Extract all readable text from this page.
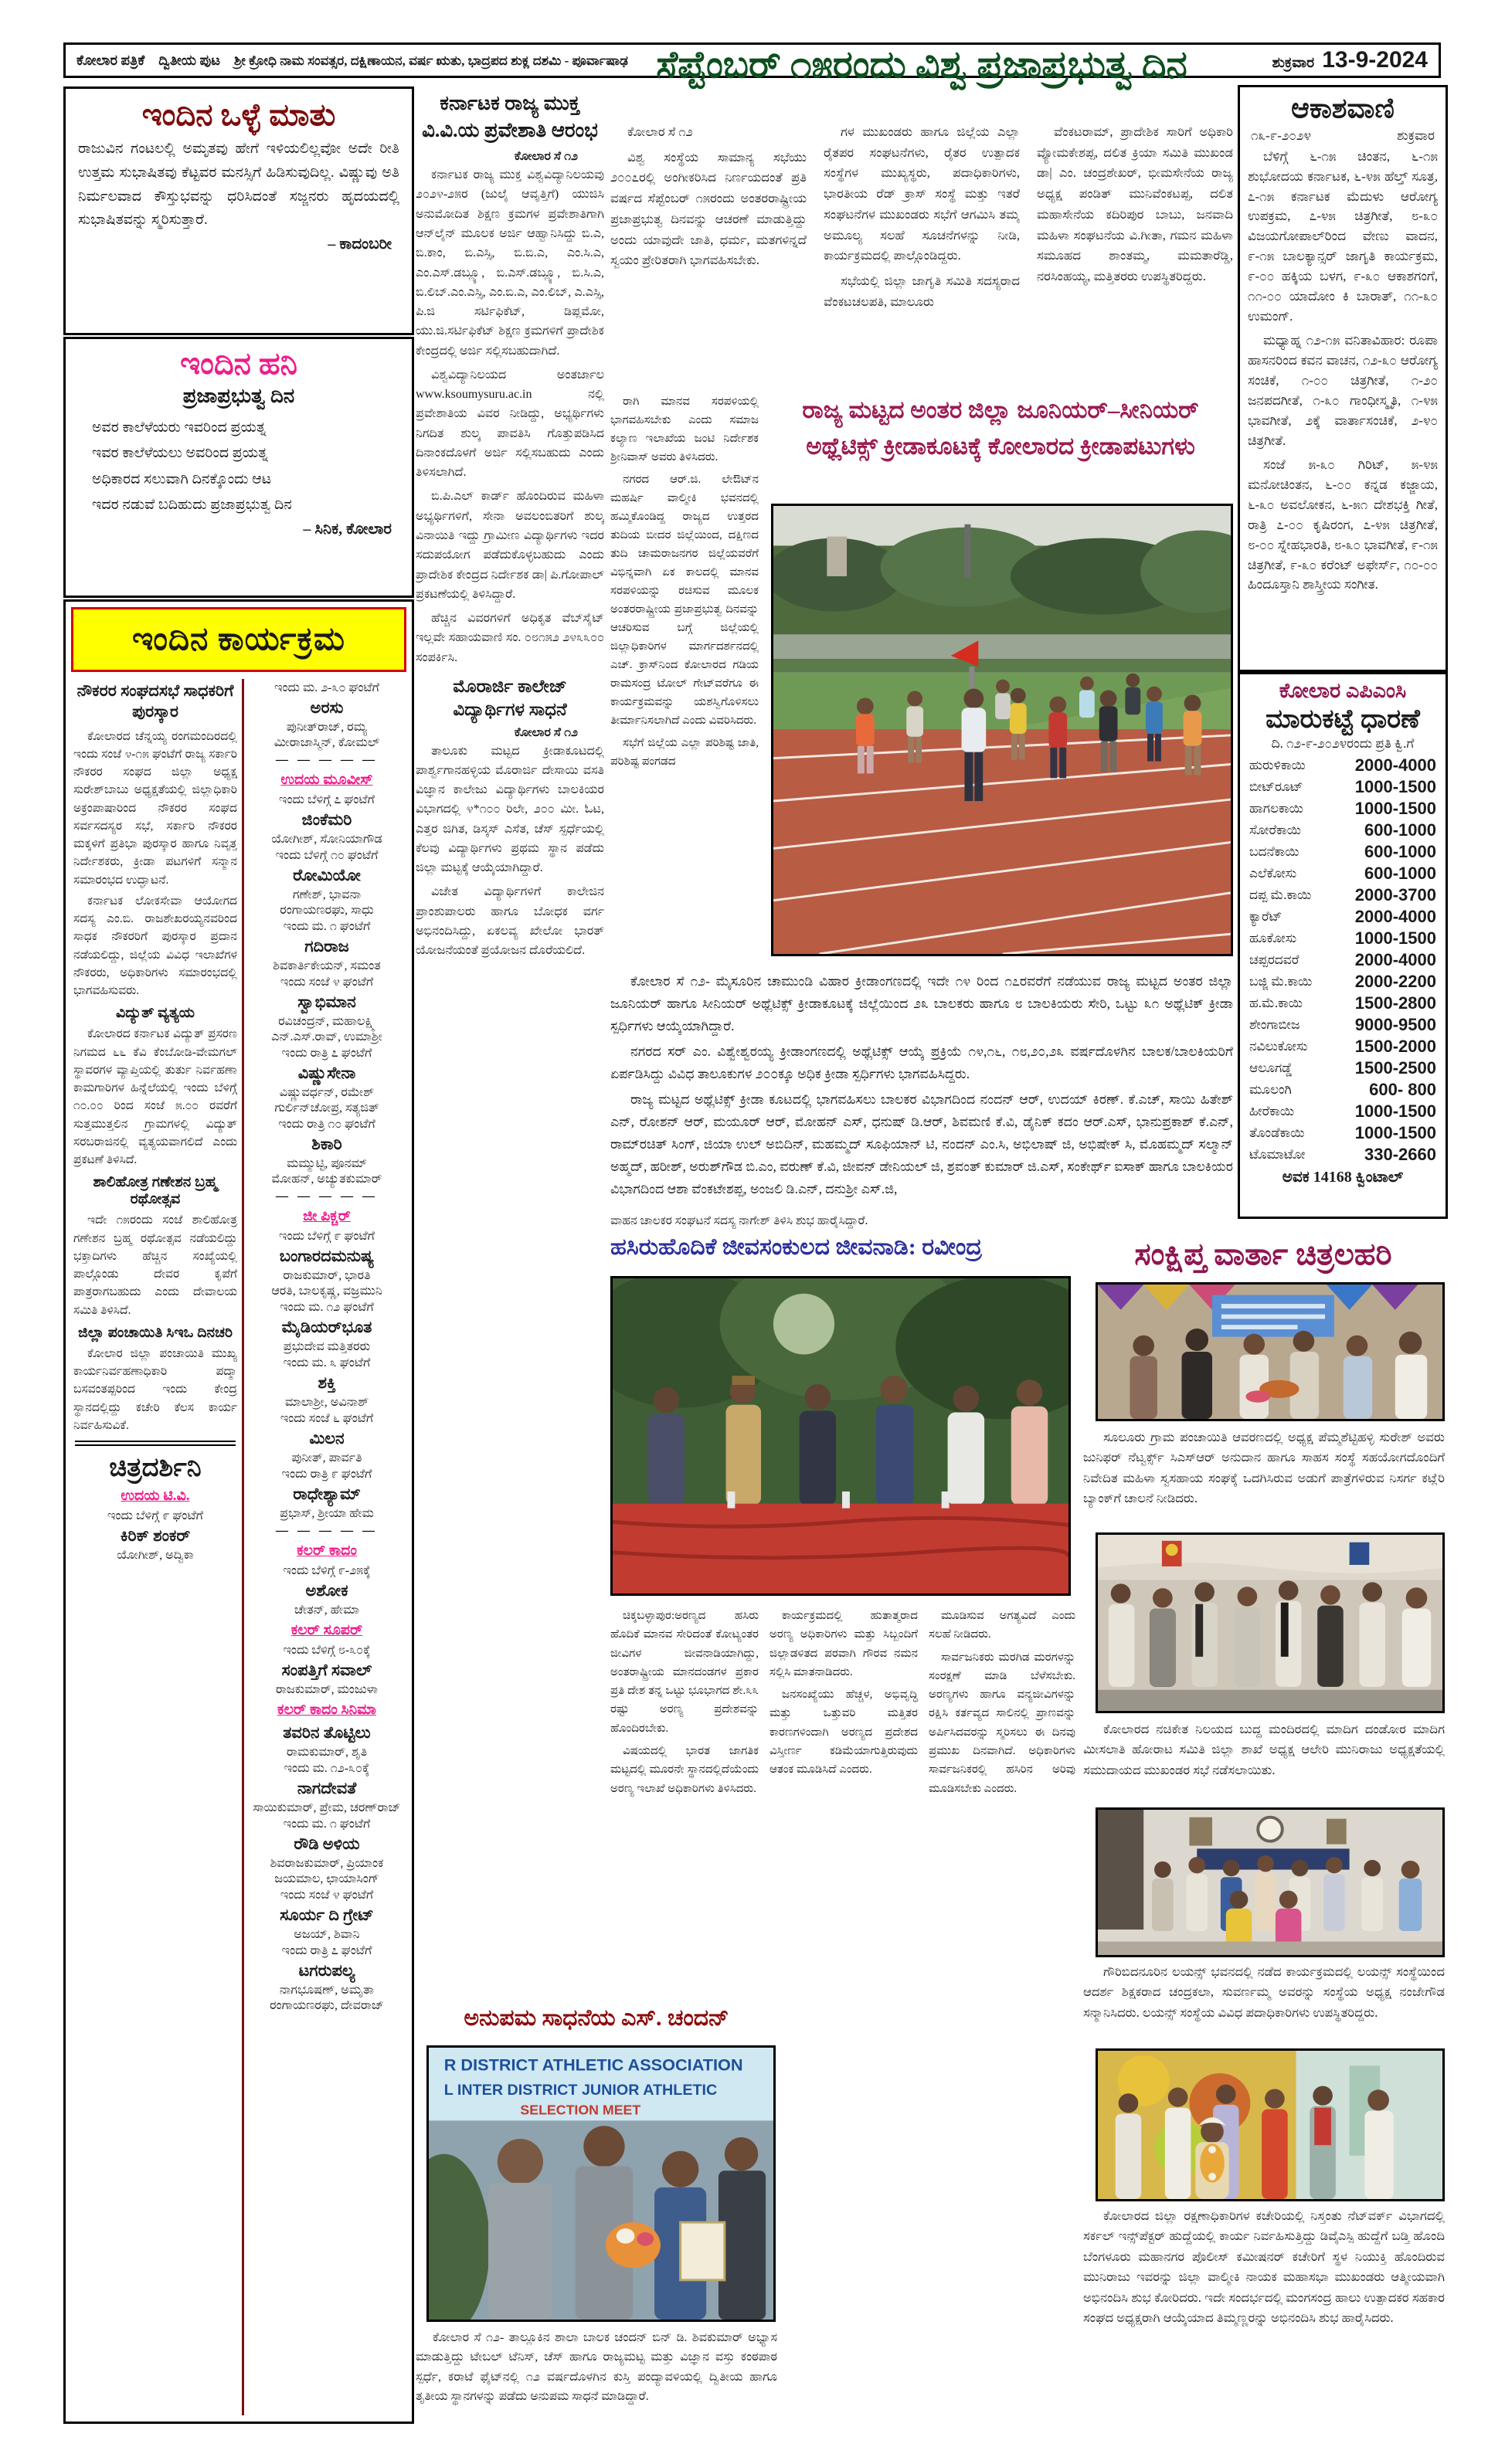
ಕೋಲಾರ ಪತ್ರಿಕೆ ದ್ವಿತೀಯ ಪುಟ ಶ್ರೀ ಕ್ರೋಧಿ ನಾಮ ಸಂವತ್ಸರ, ದಕ್ಷಿಣಾಯನ, ವರ್ಷ ಋತು, ಭಾದ್ರಪದ ಶುಕ್ಲ ದಶಮಿ - ಪೂರ್ವಾಷಾಢ	ಶುಕ್ರವಾರ 13-9-2024
ಇಂದಿನ ಒಳ್ಳೆ ಮಾತು
ರಾಜುವಿನ ಗಂಟಲಲ್ಲಿ ಅಮೃತವು ಹೇಗೆ ಇಳಿಯಲಿಲ್ಲವೋ ಅದೇ ರೀತಿ ಉತ್ತಮ ಸುಭಾಷಿತವು ಕೆಟ್ಟವರ ಮನಸ್ಸಿಗೆ ಹಿಡಿಸುವುದಿಲ್ಲ. ವಿಷ್ಣುವು ಅತಿ ನಿರ್ಮಲವಾದ ಕೌಸ್ತುಭವನ್ನು ಧರಿಸಿದಂತೆ ಸಜ್ಜನರು ಹೃದಯದಲ್ಲಿ ಸುಭಾಷಿತವನ್ನು ಸ್ಮರಿಸುತ್ತಾರೆ.
– ಕಾದಂಬರೀ
ಇಂದಿನ ಹನಿ
ಪ್ರಜಾಪ್ರಭುತ್ವ ದಿನ
ಅವರ ಕಾಲೆಳೆಯರು ಇವರಿಂದ ಪ್ರಯತ್ನ
ಇವರ ಕಾಲೆಳೆಯಲು ಅವರಿಂದ ಪ್ರಯತ್ನ
ಅಧಿಕಾರದ ಸಲುವಾಗಿ ದಿನಕ್ಕೊಂದು ಆಟ
ಇದರ ನಡುವೆ ಬದಿಹುದು ಪ್ರಜಾಪ್ರಭುತ್ವ ದಿನ
– ಸಿನಿಕ, ಕೋಲಾರ
ಇಂದಿನ ಕಾರ್ಯಕ್ರಮ
ನೌಕರರ ಸಂಘದಸಭೆ ಸಾಧಕರಿಗೆ ಪುರಸ್ಕಾರ
ಕೋಲಾರದ ಚೆನ್ನಯ್ಯ ರಂಗಮಂದಿರದಲ್ಲಿ ಇಂದು ಸಂಜೆ ೪-೧೫ ಘಂಟೆಗೆ ರಾಜ್ಯ ಸರ್ಕಾರಿ ನೌಕರರ ಸಂಘದ ಜಿಲ್ಲಾ ಅಧ್ಯಕ್ಷ ಸುರೇಶ್‌ಬಾಬು ಅಧ್ಯಕ್ಷತೆಯಲ್ಲಿ ಜಿಲ್ಲಾಧಿಕಾರಿ ಅಕ್ರಂಪಾಷಾರಿಂದ ನೌಕರರ ಸಂಘದ ಸರ್ವಸದಸ್ಯರ ಸಭೆ, ಸರ್ಕಾರಿ ನೌಕರರ ಮಕ್ಕಳಿಗೆ ಪ್ರತಿಭಾ ಪುರಸ್ಕಾರ ಹಾಗೂ ನಿವೃತ್ತ ನಿರ್ದೇಶಕರು, ಕ್ರೀಡಾ ಪಟಗಳಿಗೆ ಸನ್ಮಾನ ಸಮಾರಂಭದ ಉದ್ಘಾಟನೆ.
ಕರ್ನಾಟಕ ಲೋಕಸೇವಾ ಆಯೋಗದ ಸದಸ್ಯ ಎಂ.ಬಿ. ರಾಜಶೇಖರಯ್ಯನವರಿಂದ ಸಾಧಕ ನೌಕರರಿಗೆ ಪುರಸ್ಕಾರ ಪ್ರದಾನ ನಡೆಯಲಿದ್ದು, ಜಿಲ್ಲೆಯ ವಿವಿಧ ಇಲಾಖೆಗಳ ನೌಕರರು, ಅಧಿಕಾರಿಗಳು ಸಮಾರಂಭದಲ್ಲಿ ಭಾಗವಹಿಸುವರು.
ವಿದ್ಯುತ್ ವ್ಯತ್ಯಯ
ಕೋಲಾರದ ಕರ್ನಾಟಕ ವಿದ್ಯುತ್ ಪ್ರಸರಣ ನಿಗಮದ ೬೬ ಕೆವಿ ಕೆಂಬೋಡಿ-ವೇಮಗಲ್ ಸ್ಥಾವರಗಳ ವ್ಯಾಪ್ತಿಯಲ್ಲಿ ತುರ್ತು ನಿರ್ವಹಣಾ ಕಾಮಗಾರಿಗಳ ಹಿನ್ನೆಲೆಯಲ್ಲಿ ಇಂದು ಬೆಳಿಗ್ಗೆ ೧೦.೦೦ ರಿಂದ ಸಂಜೆ ೫.೦೦ ರವರೆಗೆ ಸುತ್ತಮುತ್ತಲಿನ ಗ್ರಾಮಗಳಲ್ಲಿ ವಿದ್ಯುತ್ ಸರಬರಾಜಿನಲ್ಲಿ ವ್ಯತ್ಯಯವಾಗಲಿದೆ ಎಂದು ಪ್ರಕಟಣೆ ತಿಳಿಸಿದೆ.
ಶಾಲಿಹೋತ್ರ ಗಣೇಶನ ಬ್ರಹ್ಮ ರಥೋತ್ಸವ
ಇದೇ ೧೫ರಂದು ಸಂಜೆ ಶಾಲಿಹೋತ್ರ ಗಣೇಶನ ಬ್ರಹ್ಮ ರಥೋತ್ಸವ ನಡೆಯಲಿದ್ದು ಭಕ್ತಾದಿಗಳು ಹೆಚ್ಚಿನ ಸಂಖ್ಯೆಯಲ್ಲಿ ಪಾಲ್ಗೊಂಡು ದೇವರ ಕೃಪೆಗೆ ಪಾತ್ರರಾಗಬಹುದು ಎಂದು ದೇವಾಲಯ ಸಮಿತಿ ತಿಳಿಸಿದೆ.
ಜಿಲ್ಲಾ ಪಂಚಾಯಿತಿ ಸಿಇಒ ದಿನಚರಿ
ಕೋಲಾರ ಜಿಲ್ಲಾ ಪಂಚಾಯಿತಿ ಮುಖ್ಯ ಕಾರ್ಯನಿರ್ವಹಣಾಧಿಕಾರಿ ಪದ್ಮಾ ಬಸವಂತಪ್ಪರಿಂದ ಇಂದು ಕೇಂದ್ರ ಸ್ಥಾನದಲ್ಲಿದ್ದು ಕಚೇರಿ ಕೆಲಸ ಕಾರ್ಯ ನಿರ್ವಹಿಸುವಿಕೆ.
ಚಿತ್ರದರ್ಶಿನಿ
ಉದಯ ಟಿ.ವಿ.
ಇಂದು ಬೆಳಿಗ್ಗೆ ೯ ಘಂಟೆಗೆ
ಕಿರಿಕ್ ಶಂಕರ್
ಯೋಗೀಶ್, ಅದ್ವಿಕಾ
ಇಂದು ಮ. ೨-೩೦ ಘಂಟೆಗೆ
ಅರಸು
ಪುನೀತ್‌ರಾಜ್, ರಮ್ಯ
ಮೀರಾಜಾಸ್ಮಿನ್, ಕೋಮಲ್
— — — — —
ಉದಯ ಮೂವೀಸ್
ಇಂದು ಬೆಳಿಗ್ಗೆ ೭ ಘಂಟೆಗೆ
ಜಿಂಕೆಮರಿ
ಯೋಗೀಶ್, ಸೋನಿಯಾಗೌಡ
ಇಂದು ಬೆಳಿಗ್ಗೆ ೧೦ ಘಂಟೆಗೆ
ರೋಮಿಯೋ
ಗಣೇಶ್, ಭಾವನಾ
ರಂಗಾಯಣರಘು, ಸಾಧು
ಇಂದು ಮ. ೧ ಘಂಟೆಗೆ
ಗದಿರಾಜ
ಶಿವಕಾರ್ತಿಕೇಯನ್, ಸಮಂತ
ಇಂದು ಸಂಜೆ ೪ ಘಂಟೆಗೆ
ಸ್ವಾಭಿಮಾನ
ರವಿಚಂದ್ರನ್, ಮಹಾಲಕ್ಷ್ಮಿ
ಎನ್.ಎಸ್.ರಾವ್, ಉಮಾಶ್ರೀ
ಇಂದು ರಾತ್ರಿ ೭ ಘಂಟೆಗೆ
ವಿಷ್ಣುಸೇನಾ
ವಿಷ್ಣುವರ್ಧನ್, ರಮೇಶ್
ಗುರ್ಲಿನ್‌ಚೋಪ್ರ, ಸತ್ಯಜಿತ್
ಇಂದು ರಾತ್ರಿ ೧೦ ಘಂಟೆಗೆ
ಶಿಕಾರಿ
ಮಮ್ಮುಟ್ಟಿ, ಪೂನಮ್
ಮೋಹನ್, ಅಚ್ಯುತಕುಮಾರ್
— — — — —
ಜೀ ಪಿಕ್ಚರ್
ಇಂದು ಬೆಳಿಗ್ಗೆ ೯ ಘಂಟೆಗೆ
ಬಂಗಾರದಮನುಷ್ಯ
ರಾಜಕುಮಾರ್, ಭಾರತಿ
ಆರತಿ, ಬಾಲಕೃಷ್ಣ, ವಜ್ರಮುನಿ
ಇಂದು ಮ. ೧೨ ಘಂಟೆಗೆ
ಮೈಡಿಯರ್‌ಭೂತ
ಪ್ರಭುದೇವ ಮತ್ತಿತರರು
ಇಂದು ಮ. ೩ ಘಂಟೆಗೆ
ಶಕ್ತಿ
ಮಾಲಾಶ್ರೀ, ಅವಿನಾಶ್
ಇಂದು ಸಂಜೆ ೬ ಘಂಟೆಗೆ
ಮಿಲನ
ಪುನೀತ್, ಪಾರ್ವತಿ
ಇಂದು ರಾತ್ರಿ ೯ ಘಂಟೆಗೆ
ರಾಧೇಶ್ಯಾಮ್
ಪ್ರಭಾಸ್, ಶ್ರೀಯಾ ಹೇಮ
— — — — —
ಕಲರ್ ಕಾದಂ
ಇಂದು ಬೆಳಿಗ್ಗೆ ೯-೨೫ಕ್ಕೆ
ಅಶೋಕ
ಚೇತನ್, ಹೇಮಾ
ಕಲರ್ ಸೂಪರ್
ಇಂದು ಬೆಳಿಗ್ಗೆ ೮-೩೦ಕ್ಕೆ
ಸಂಪತ್ತಿಗೆ ಸವಾಲ್
ರಾಜಕುಮಾರ್, ಮಂಜುಳಾ
ಕಲರ್ ಕಾದಂ ಸಿನಿಮಾ
ತವರಿನ ತೊಟ್ಟಿಲು
ರಾಮಕುಮಾರ್, ಶೃತಿ
ಇಂದು ಮ. ೧೨-೩೦ಕ್ಕೆ
ನಾಗದೇವತೆ
ಸಾಯಿಕುಮಾರ್, ಪ್ರೇಮ, ಚರಣ್‌ರಾಜ್
ಇಂದು ಮ. ೧ ಘಂಟೆಗೆ
ರೌಡಿ ಅಳಿಯ
ಶಿವರಾಜಕುಮಾರ್, ಪ್ರಿಯಾಂಕ
ಜಯಮಾಲ, ಛಾಯಾಸಿಂಗ್
ಇಂದು ಸಂಜೆ ೪ ಘಂಟೆಗೆ
ಸೂರ್ಯ ದಿ ಗ್ರೇಟ್
ಅಜಯ್, ಶಿವಾನಿ
ಇಂದು ರಾತ್ರಿ ೭ ಘಂಟೆಗೆ
ಟಗರುಪಲ್ಯ
ನಾಗಭೂಷಣ್, ಅಮೃತಾ
ರಂಗಾಯಣರಘು, ದೇವರಾಜ್
ಕರ್ನಾಟಕ ರಾಜ್ಯ ಮುಕ್ತ ವಿ.ವಿ.ಯ ಪ್ರವೇಶಾತಿ ಆರಂಭ
ಕೋಲಾರ ಸೆ ೧೨

ಕರ್ನಾಟಕ ರಾಜ್ಯ ಮುಕ್ತ ವಿಶ್ವವಿದ್ಯಾನಿಲಯವು ೨೦೨೪-೨೫ರ (ಜುಲೈ ಆವೃತ್ತಿಗೆ) ಯುಜಿಸಿ ಅನುಮೋದಿತ ಶಿಕ್ಷಣ ಕ್ರಮಗಳ ಪ್ರವೇಶಾತಿಗಾಗಿ ಆನ್‌ಲೈನ್ ಮೂಲಕ ಅರ್ಜಿ ಆಹ್ವಾನಿಸಿದ್ದು ಬಿ.ಎ, ಬಿ.ಕಾಂ, ಬಿ.ಎಸ್ಸಿ, ಬಿ.ಬಿ.ಎ, ಎಂ.ಸಿ.ಎ, ಎಂ.ಎಸ್.ಡಬ್ಲ್ಯೂ, ಬಿ.ಎಸ್.ಡಬ್ಲ್ಯೂ, ಬಿ.ಸಿ.ಎ, ಬಿ.ಲಿಬ್.ಎಂ.ಎಸ್ಸಿ, ಎಂ.ಬಿ.ಎ, ಎಂ.ಲಿಬ್, ಎ.ಎಸ್ಸಿ, ಪಿ.ಜಿ ಸರ್ಟಿಫಿಕೆಟ್, ಡಿಪ್ಲಮೋ, ಯು.ಜಿ.ಸರ್ಟಿಫಿಕೆಟ್ ಶಿಕ್ಷಣ ಕ್ರಮಗಳಿಗೆ ಪ್ರಾದೇಶಿಕ ಕೇಂದ್ರದಲ್ಲಿ ಅರ್ಜಿ ಸಲ್ಲಿಸಬಹುದಾಗಿದೆ.

ವಿಶ್ವವಿದ್ಯಾನಿಲಯದ ಅಂತರ್ಜಾಲ www.ksoumysuru.ac.in ನಲ್ಲಿ ಪ್ರವೇಶಾತಿಯ ವಿವರ ನೀಡಿದ್ದು, ಅಭ್ಯರ್ಥಿಗಳು ನಿಗದಿತ ಶುಲ್ಕ ಪಾವತಿಸಿ ಗೊತ್ತುಪಡಿಸಿದ ದಿನಾಂಕದೊಳಗೆ ಅರ್ಜಿ ಸಲ್ಲಿಸಬಹುದು ಎಂದು ತಿಳಿಸಲಾಗಿದೆ.

ಬಿ.ಪಿ.ಎಲ್ ಕಾರ್ಡ್ ಹೊಂದಿರುವ ಮಹಿಳಾ ಅಭ್ಯರ್ಥಿಗಳಿಗೆ, ಸೇನಾ ಅವಲಂಬಿತರಿಗೆ ಶುಲ್ಕ ವಿನಾಯಿತಿ ಇದ್ದು ಗ್ರಾಮೀಣ ವಿದ್ಯಾರ್ಥಿಗಳು ಇದರ ಸದುಪಯೋಗ ಪಡೆದುಕೊಳ್ಳಬಹುದು ಎಂದು ಪ್ರಾದೇಶಿಕ ಕೇಂದ್ರದ ನಿರ್ದೇಶಕ ಡಾ| ಪಿ.ಗೋಪಾಲ್ ಪ್ರಕಟಣೆಯಲ್ಲಿ ತಿಳಿಸಿದ್ದಾರೆ.

ಹೆಚ್ಚಿನ ವಿವರಗಳಿಗೆ ಅಧಿಕೃತ ವೆಬ್‌ಸೈಟ್ ಇಲ್ಲವೇ ಸಹಾಯವಾಣಿ ಸಂ. ೦೮೧೫೨ ೨೪೩೩೦೦ ಸಂಪರ್ಕಿಸಿ.

ಮೊರಾರ್ಜಿ ಕಾಲೇಜ್ ವಿದ್ಯಾರ್ಥಿಗಳ ಸಾಧನೆ
ಕೋಲಾರ ಸೆ ೧೨

ತಾಲೂಕು ಮಟ್ಟದ ಕ್ರೀಡಾಕೂಟದಲ್ಲಿ ಪಾರ್ಶ್ವಗಾನಹಳ್ಳಿಯ ಮೊರಾರ್ಜಿ ದೇಸಾಯಿ ವಸತಿ ವಿಜ್ಞಾನ ಕಾಲೇಜು ವಿದ್ಯಾರ್ಥಿಗಳು ಬಾಲಕಿಯರ ವಿಭಾಗದಲ್ಲಿ ೪*೧೦೦ ರಿಲೇ, ೨೦೦ ಮೀ. ಓಟ, ಎತ್ತರ ಜಿಗಿತ, ಡಿಸ್ಕಸ್ ಎಸೆತ, ಚೆಸ್ ಸ್ಪರ್ಧೆಯಲ್ಲಿ ಕೆಲವು ವಿದ್ಯಾರ್ಥಿಗಳು ಪ್ರಥಮ ಸ್ಥಾನ ಪಡೆದು ಜಿಲ್ಲಾ ಮಟ್ಟಕ್ಕೆ ಆಯ್ಕೆಯಾಗಿದ್ದಾರೆ.

ವಿಜೇತ ವಿದ್ಯಾರ್ಥಿಗಳಿಗೆ ಕಾಲೇಜಿನ ಪ್ರಾಂಶುಪಾಲರು ಹಾಗೂ ಬೋಧಕ ವರ್ಗ ಅಭಿನಂದಿಸಿದ್ದು, ಏಕಲವ್ಯ ಖೇಲೋ ಭಾರತ್ ಯೋಜನೆಯಂತೆ ಪ್ರಯೋಜನ ದೊರೆಯಲಿದೆ.

ಅನುಪಮ ಸಾಧನೆಯ ಎಸ್. ಚಂದನ್
R DISTRICT ATHLETIC ASSOCIATION
L INTER DISTRICT JUNIOR ATHLETIC
SELECTION MEET
ಕೋಲಾರ ಸೆ ೧೨- ತಾಲ್ಲೂಕಿನ ಶಾಲಾ ಬಾಲಕ ಚಂದನ್ ಬಿನ್ ಡಿ. ಶಿವಕುಮಾರ್ ಅಭ್ಯಾಸ ಮಾಡುತ್ತಿದ್ದು ಟೇಬಲ್ ಟೆನಿಸ್, ಚೆಸ್ ಹಾಗೂ ರಾಜ್ಯಮಟ್ಟ ಮತ್ತು ವಿಜ್ಞಾನ ವಸ್ತು ಕಂಠಪಾಠ ಸ್ಪರ್ಧೆ, ಕರಾಟೆ ಫೈಟ್‌ನಲ್ಲಿ ೧೨ ವರ್ಷದೊಳಗಿನ ಕುಸ್ತಿ ಪಂದ್ಯಾವಳಿಯಲ್ಲಿ ದ್ವಿತೀಯ ಹಾಗೂ ತೃತೀಯ ಸ್ಥಾನಗಳನ್ನು ಪಡೆದು ಅನುಪಮ ಸಾಧನೆ ಮಾಡಿದ್ದಾರೆ.
ಸೆಪ್ಟೆಂಬರ್ ೧೫ರಂದು ವಿಶ್ವ ಪ್ರಜಾಪ್ರಭುತ್ವ ದಿನ

ಕೋಲಾರ ಸೆ ೧೨

ವಿಶ್ವ ಸಂಸ್ಥೆಯ ಸಾಮಾನ್ಯ ಸಭೆಯು ೨೦೦೭ರಲ್ಲಿ ಅಂಗೀಕರಿಸಿದ ನಿರ್ಣಯದಂತೆ ಪ್ರತಿ ವರ್ಷದ ಸೆಪ್ಟೆಂಬರ್ ೧೫ರಂದು ಅಂತರರಾಷ್ಟ್ರೀಯ ಪ್ರಜಾಪ್ರಭುತ್ವ ದಿನವನ್ನು ಆಚರಣೆ ಮಾಡುತ್ತಿದ್ದು ಅಂದು ಯಾವುದೇ ಜಾತಿ, ಧರ್ಮ, ಮತಗಳಿನ್ನದೆ ಸ್ವಯಂ ಪ್ರೇರಿತರಾಗಿ ಭಾಗವಹಿಸಬೇಕು.

ಗಳ ಮುಖಂಡರು ಹಾಗೂ ಜಿಲ್ಲೆಯ ಎಲ್ಲಾ ರೈತಪರ ಸಂಘಟನೆಗಳು, ರೈತರ ಉತ್ಪಾದಕ ಸಂಸ್ಥೆಗಳ ಮುಖ್ಯಸ್ಥರು, ಪದಾಧಿಕಾರಿಗಳು, ಭಾರತೀಯ ರೆಡ್ ಕ್ರಾಸ್ ಸಂಸ್ಥೆ ಮತ್ತು ಇತರೆ ಸಂಘಟನೆಗಳ ಮುಖಂಡರು ಸಭೆಗೆ ಆಗಮಿಸಿ ತಮ್ಮ ಅಮೂಲ್ಯ ಸಲಹೆ ಸೂಚನೆಗಳನ್ನು ನೀಡಿ, ಕಾರ್ಯಕ್ರಮದಲ್ಲಿ ಪಾಲ್ಗೊಂಡಿದ್ದರು.

ಸಭೆಯಲ್ಲಿ ಜಿಲ್ಲಾ ಜಾಗೃತಿ ಸಮಿತಿ ಸದಸ್ಯರಾದ ವೆಂಕಟಚಲಪತಿ, ಮಾಲೂರು

ವೆಂಕಟರಾಮ್, ಪ್ರಾದೇಶಿಕ ಸಾರಿಗೆ ಅಧಿಕಾರಿ ವ್ಯೋಮಕೇಶಪ್ಪ, ದಲಿತ ಕ್ರಿಯಾ ಸಮಿತಿ ಮುಖಂಡ ಡಾ| ಎಂ. ಚಂದ್ರಶೇಖರ್, ಭೀಮಸೇನೆಯ ರಾಜ್ಯ ಅಧ್ಯಕ್ಷ ಪಂಡಿತ್ ಮುನಿವೆಂಕಟಪ್ಪ, ದಲಿತ ಮಹಾಸೇನೆಯ ಕದಿರಿಪುರ ಬಾಬು, ಜನವಾದಿ ಮಹಿಳಾ ಸಂಘಟನೆಯ ವಿ.ಗೀತಾ, ಗಮನ ಮಹಿಳಾ ಸಮೂಹದ ಶಾಂತಮ್ಮ, ಮಮತಾರೆಡ್ಡಿ, ನರಸಿಂಹಯ್ಯ, ಮತ್ತಿತರರು ಉಪಸ್ಥಿತರಿದ್ದರು.

ರಾಜ್ಯ ಮಟ್ಟದ ಅಂತರ ಜಿಲ್ಲಾ ಜೂನಿಯರ್–ಸೀನಿಯರ್
ಅಥ್ಲೆಟಿಕ್ಸ್ ಕ್ರೀಡಾಕೂಟಕ್ಕೆ ಕೋಲಾರದ ಕ್ರೀಡಾಪಟುಗಳು

ರಾಗಿ ಮಾನವ ಸರಪಳಿಯಲ್ಲಿ ಭಾಗವಹಿಸಬೇಕು ಎಂದು ಸಮಾಜ ಕಲ್ಯಾಣ ಇಲಾಖೆಯ ಜಂಟಿ ನಿರ್ದೇಶಕ ಶ್ರೀನಿವಾಸ್ ಅವರು ತಿಳಿಸಿದರು.

ನಗರದ ಆರ್.ಜಿ. ಲೇಔಟ್‌ನ ಮಹರ್ಷಿ ವಾಲ್ಮೀಕಿ ಭವನದಲ್ಲಿ ಹಮ್ಮಿಕೊಂಡಿದ್ದ ರಾಜ್ಯದ ಉತ್ತರದ ತುದಿಯ ಬೀದರ ಜಿಲ್ಲೆಯಿಂದ, ದಕ್ಷಿಣದ ತುದಿ ಚಾಮರಾಜನಗರ ಜಿಲ್ಲೆಯವರೆಗೆ ವಿಭಿನ್ನವಾಗಿ ಏಕ ಕಾಲದಲ್ಲಿ ಮಾನವ ಸರಪಳಿಯನ್ನು ರಚಿಸುವ ಮೂಲಕ ಅಂತರರಾಷ್ಟ್ರೀಯ ಪ್ರಜಾಪ್ರಭುತ್ವ ದಿನವನ್ನು ಆಚರಿಸುವ ಬಗ್ಗೆ ಜಿಲ್ಲೆಯಲ್ಲಿ ಜಿಲ್ಲಾಧಿಕಾರಿಗಳ ಮಾರ್ಗದರ್ಶನದಲ್ಲಿ ಎಚ್. ಕ್ರಾಸ್‌ನಿಂದ ಕೋಲಾರದ ಗಡಿಯ ರಾಮಸಂದ್ರ ಟೋಲ್ ಗೇಟ್‌ವರೆಗೂ ಈ ಕಾರ್ಯಕ್ರಮವನ್ನು ಯಶಸ್ವಿಗೊಳಿಸಲು ತೀರ್ಮಾನಿಸಲಾಗಿದೆ ಎಂದು ವಿವರಿಸಿದರು.

ಸಭೆಗೆ ಜಿಲ್ಲೆಯ ಎಲ್ಲಾ ಪರಿಶಿಷ್ಟ ಜಾತಿ, ಪರಿಶಿಷ್ಟ ಪಂಗಡದ

ಕೋಲಾರ ಸೆ ೧೨- ಮೈಸೂರಿನ ಚಾಮುಂಡಿ ವಿಹಾರ ಕ್ರೀಡಾಂಗಣದಲ್ಲಿ ಇದೇ ೧೪ ರಿಂದ ೧೭ರವರೆಗೆ ನಡೆಯುವ ರಾಜ್ಯ ಮಟ್ಟದ ಅಂತರ ಜಿಲ್ಲಾ ಜೂನಿಯರ್ ಹಾಗೂ ಸೀನಿಯರ್ ಅಥ್ಲೆಟಿಕ್ಸ್ ಕ್ರೀಡಾಕೂಟಕ್ಕೆ ಜಿಲ್ಲೆಯಿಂದ ೨೩ ಬಾಲಕರು ಹಾಗೂ ೮ ಬಾಲಕಿಯರು ಸೇರಿ, ಒಟ್ಟು ೩೧ ಅಥ್ಲೆಟಿಕ್ ಕ್ರೀಡಾ ಸ್ಪರ್ಧಿಗಳು ಆಯ್ಕೆಯಾಗಿದ್ದಾರೆ.

ನಗರದ ಸರ್ ಎಂ. ವಿಶ್ವೇಶ್ವರಯ್ಯ ಕ್ರೀಡಾಂಗಣದಲ್ಲಿ ಅಥ್ಲೆಟಿಕ್ಸ್ ಆಯ್ಕೆ ಪ್ರಕ್ರಿಯೆ ೧೪,೧೬, ೧೮,೨೦,೨೩ ವರ್ಷದೊಳಗಿನ ಬಾಲಕ/ಬಾಲಕಿಯರಿಗೆ ಏರ್ಪಡಿಸಿದ್ದು ವಿವಿಧ ತಾಲೂಕುಗಳ ೨೦೦ಕ್ಕೂ ಅಧಿಕ ಕ್ರೀಡಾ ಸ್ಪರ್ಧಿಗಳು ಭಾಗವಹಿಸಿದ್ದರು.

ರಾಜ್ಯ ಮಟ್ಟದ ಅಥ್ಲೆಟಿಕ್ಸ್ ಕ್ರೀಡಾ ಕೂಟದಲ್ಲಿ ಭಾಗವಹಿಸಲು ಬಾಲಕರ ವಿಭಾಗದಿಂದ ನಂದನ್ ಆರ್, ಉದಯ್ ಕಿರಣ್. ಕೆ.ಎಚ್, ಸಾಯಿ ಹಿತೇಶ್ ಎನ್, ರೋಶನ್ ಆರ್, ಮಯೂರ್ ಆರ್, ಮೋಹನ್ ಎಸ್, ಧನುಷ್ ಡಿ.ಆರ್, ಶಿವಮಣಿ ಕೆ.ವಿ, ಡೈನಿಕ್ ಕದಂ ಆರ್.ಎಸ್, ಭಾನುಪ್ರಕಾಶ್ ಕೆ.ಎನ್, ರಾಮ್‌ರಚಿತ್ ಸಿಂಗ್, ಜಿಯಾ ಉಲ್ ಅಬಿದಿನ್, ಮಹಮ್ಮದ್ ಸೂಫಿಯಾನ್ ಟಿ, ನಂದನ್ ಎಂ.ಸಿ, ಅಭಿಲಾಷ್ ಜಿ, ಅಭಿಷೇಕ್ ಸಿ, ಮೊಹಮ್ಮದ್ ಸಲ್ಮಾನ್ ಅಹ್ಮದ್, ಹರೀಶ್, ಅರುಶ್‌ಗೌಡ ಬಿ.ಎಂ, ವರುಣ್ ಕೆ.ವಿ, ಜೀವನ್ ಡೇನಿಯಲ್ ಜಿ, ಶ್ರವಂತ್ ಕುಮಾರ್ ಜಿ.ಎಸ್, ಸಂಕೇರ್ಥ್ ಐಸಾಕ್ ಹಾಗೂ ಬಾಲಕಿಯರ ವಿಭಾಗದಿಂದ ಆಶಾ ವೆಂಕಟೇಶಪ್ಪ, ಅಂಜಲಿ ಡಿ.ಎನ್, ದನುಶ್ರೀ ಎಸ್.ಜಿ,

ವಾಹನ ಚಾಲಕರ ಸಂಘಟನೆ ಸದಸ್ಯ ನಾಗೇಶ್ ತಿಳಿಸಿ ಶುಭ ಹಾರೈಸಿದ್ದಾರೆ.
ಹಸಿರುಹೊದಿಕೆ ಜೀವಸಂಕುಲದ ಜೀವನಾಡಿ: ರವೀಂದ್ರ

ಚಿಕ್ಕಬಳ್ಳಾಪುರ:ಅರಣ್ಯದ ಹಸಿರು ಹೊದಿಕೆ ಮಾನವ ಸೇರಿದಂತೆ ಕೋಟ್ಯಂತರ ಜೀವಿಗಳ ಜೀವನಾಡಿಯಾಗಿದ್ದು, ಅಂತರಾಷ್ಟ್ರೀಯ ಮಾನದಂಡಗಳ ಪ್ರಕಾರ ಪ್ರತಿ ದೇಶ ತನ್ನ ಒಟ್ಟು ಭೂಭಾಗದ ಶೇ.೩೩ ರಷ್ಟು ಅರಣ್ಯ ಪ್ರದೇಶವನ್ನು ಹೊಂದಿರಬೇಕು.

ವಿಷಯದಲ್ಲಿ ಭಾರತ ಜಾಗತಿಕ ಮಟ್ಟದಲ್ಲಿ ಮೂರನೇ ಸ್ಥಾನದಲ್ಲಿದೆಯೆಂದು ಅರಣ್ಯ ಇಲಾಖೆ ಅಧಿಕಾರಿಗಳು ತಿಳಿಸಿದರು.

ಕಾರ್ಯಕ್ರಮದಲ್ಲಿ ಹುತಾತ್ಮರಾದ ಅರಣ್ಯ ಅಧಿಕಾರಿಗಳು ಮತ್ತು ಸಿಬ್ಬಂದಿಗೆ ಜಿಲ್ಲಾಡಳಿತದ ಪರವಾಗಿ ಗೌರವ ನಮನ ಸಲ್ಲಿಸಿ ಮಾತನಾಡಿದರು.

ಜನಸಂಖ್ಯೆಯು ಹೆಚ್ಚಳ, ಅಭಿವೃದ್ಧಿ ಮತ್ತು ಒತ್ತುವರಿ ಮತ್ತಿತರ ಕಾರಣಗಳಿಂದಾಗಿ ಅರಣ್ಯದ ಪ್ರದೇಶದ ವಿಸ್ತೀರ್ಣ ಕಡಿಮೆಯಾಗುತ್ತಿರುವುದು ಆತಂಕ ಮೂಡಿಸಿದೆ ಎಂದರು.

ಮೂಡಿಸುವ ಅಗತ್ಯವಿದೆ ಎಂದು ಸಲಹೆ ನೀಡಿದರು.

ಸಾರ್ವಜನಿಕರು ಮರಗಿಡ ಮರಗಳನ್ನು ಸಂರಕ್ಷಣೆ ಮಾಡಿ ಬೆಳೆಸಬೇಕು. ಅರಣ್ಯಗಳು ಹಾಗೂ ವನ್ಯಜೀವಿಗಳನ್ನು ರಕ್ಷಿಸಿ ಕರ್ತವ್ಯದ ಸಾಲಿನಲ್ಲಿ ಪ್ರಾಣವನ್ನು ಅರ್ಪಿಸಿದವರನ್ನು ಸ್ಮರಿಸಲು ಈ ದಿನವು ಪ್ರಮುಖ ದಿನವಾಗಿದೆ. ಅಧಿಕಾರಿಗಳು ಸಾರ್ವಜನಿಕರಲ್ಲಿ ಹಸಿರಿನ ಅರಿವು ಮೂಡಿಸಬೇಕು ಎಂದರು.

ಆಕಾಶವಾಣಿ
೧೩-೯-೨೦೨೪	ಶುಕ್ರವಾರ

ಬೆಳಿಗ್ಗೆ ೬-೧೫ ಚಿಂತನ, ೬-೧೫ ಶುಭೋದಯ ಕರ್ನಾಟಕ, ೬-೪೫ ಹೆಲ್ತ್ ಸೂತ್ರ, ೭-೧೫ ಕರ್ನಾಟಕ ಮೆದುಳು ಆರೋಗ್ಯ ಉಪಕ್ರಮ, ೭-೪೫ ಚಿತ್ರಗೀತೆ, ೮-೩೦ ವಿಜಯಗೋಪಾಲ್‌ರಿಂದ ವೇಣು ವಾದನ, ೯-೧೫ ಬಾಲಕ್ಯಾನ್ಸರ್ ಜಾಗೃತಿ ಕಾರ್ಯಕ್ರಮ, ೯-೦೦ ಹಕ್ಕಿಯ ಬಳಗ, ೯-೩೦ ಆಕಾಶಗಂಗೆ, ೧೧-೦೦ ಯಾದೋಂ ಕಿ ಬಾರಾತ್, ೧೧-೩೦ ಉಮಂಗ್.

ಮಧ್ಯಾಹ್ನ ೧೨-೧೫ ವನಿತಾವಿಹಾರ: ರೂಪಾ ಹಾಸನರಿಂದ ಕವನ ವಾಚನ, ೧೨-೩೦ ಆರೋಗ್ಯ ಸಂಚಿಕೆ, ೧-೦೦ ಚಿತ್ರಗೀತೆ, ೧-೨೦ ಜನಪದಗೀತೆ, ೧-೩೦ ಗಾಂಧೀಸ್ಮೃತಿ, ೧-೪೫ ಭಾವಗೀತೆ, ೨ಕ್ಕೆ ವಾರ್ತಾಸಂಚಿಕೆ, ೨-೪೦ ಚಿತ್ರಗೀತೆ.

ಸಂಜೆ ೫-೩೦ ಗಿರಿಟ್, ೫-೪೫ ಮನೋಚಿಂತನ, ೬-೦೦ ಕನ್ನಡ ಕಜ್ಜಾಯ, ೬-೩೦ ಅವಲೋಕನ, ೬-೫೧ ದೇಶಭಕ್ತಿ ಗೀತೆ, ರಾತ್ರಿ ೭-೦೦ ಕೃಷಿರಂಗ, ೭-೪೫ ಚಿತ್ರಗೀತೆ, ೮-೦೦ ಸ್ನೇಹಭಾರತಿ, ೮-೩೦ ಭಾವಗೀತೆ, ೯-೧೫ ಚಿತ್ರಗೀತೆ, ೯-೩೦ ಕರೆಂಟ್ ಅಫೇರ್ಸ್, ೧೦-೦೦ ಹಿಂದೂಸ್ತಾನಿ ಶಾಸ್ತ್ರೀಯ ಸಂಗೀತ.

ಕೋಲಾರ ಎಪಿಎಂಸಿ
ಮಾರುಕಟ್ಟೆ ಧಾರಣೆ
ದಿ. ೧೨-೯-೨೦೨೪ರಂದು ಪ್ರತಿ ಕ್ವಿ.ಗೆ
ಹುರುಳಿಕಾಯಿ	2000-4000
ಬೀಟ್‌ರೂಟ್	1000-1500
ಹಾಗಲಕಾಯಿ	1000-1500
ಸೋರೆಕಾಯಿ	600-1000
ಬದನೆಕಾಯಿ	600-1000
ಎಲೆಕೋಸು	600-1000
ದಪ್ಪ ಮೆ.ಕಾಯಿ	2000-3700
ಕ್ಯಾರೆಟ್	2000-4000
ಹೂಕೋಸು	1000-1500
ಚಪ್ಪರದವರೆ	2000-4000
ಬಜ್ಜಿ ಮೆ.ಕಾಯಿ	2000-2200
ಹ.ಮೆ.ಕಾಯಿ	1500-2800
ಶೇಂಗಾಬೀಜ	9000-9500
ನವಿಲುಕೋಸು	1500-2000
ಆಲೂಗಡ್ಡೆ	1500-2500
ಮೂಲಂಗಿ	600- 800
ಹೀರೆಕಾಯಿ	1000-1500
ತೊಂಡೆಕಾಯಿ	1000-1500
ಟೊಮಾಟೋ	330-2660
ಅವಕ 14168 ಕ್ವಿಂಟಾಲ್
ಸಂಕ್ಷಿಪ್ತ ವಾರ್ತಾ ಚಿತ್ರಲಹರಿ
ಸೂಲೂರು ಗ್ರಾಮ ಪಂಚಾಯಿತಿ ಆವರಣದಲ್ಲಿ ಅಧ್ಯಕ್ಷ ಪೆಮ್ಮಶೆಟ್ಟಿಹಳ್ಳಿ ಸುರೇಶ್ ಅವರು ಜುನಿಫರ್ ನೆಟ್ವರ್ಕ್ಸ್ ಸಿಎಸ್‌ಆರ್ ಅನುದಾನ ಹಾಗೂ ಸಾಹಸ ಸಂಸ್ಥೆ ಸಹಯೋಗದೊಂದಿಗೆ ನಿವೇದಿತ ಮಹಿಳಾ ಸ್ವಸಹಾಯ ಸಂಘಕ್ಕೆ ಒದಗಿಸಿರುವ ಅಡುಗೆ ಪಾತ್ರೆಗಳಿರುವ ನಿಸರ್ಗ ಕಟ್ಲೆರಿ ಬ್ಯಾಂಕ್‌ಗೆ ಚಾಲನೆ ನೀಡಿದರು.
ಕೋಲಾರದ ನಚಿಕೇತ ನಿಲಯದ ಬುದ್ದ ಮಂದಿರದಲ್ಲಿ ಮಾದಿಗ ದಂಡೋರ ಮಾದಿಗ ಮೀಸಲಾತಿ ಹೋರಾಟ ಸಮಿತಿ ಜಿಲ್ಲಾ ಶಾಖೆ ಅಧ್ಯಕ್ಷ ಆಲೇರಿ ಮುನಿರಾಜು ಅಧ್ಯಕ್ಷತೆಯಲ್ಲಿ ಸಮುದಾಯದ ಮುಖಂಡರ ಸಭೆ ನಡೆಸಲಾಯಿತು.
ಗೌರಿಬಿದನೂರಿನ ಲಯನ್ಸ್ ಭವನದಲ್ಲಿ ನಡೆದ ಕಾರ್ಯಕ್ರಮದಲ್ಲಿ ಲಯನ್ಸ್ ಸಂಸ್ಥೆಯಿಂದ ಆದರ್ಶ ಶಿಕ್ಷಕರಾದ ಚಂದ್ರಕಲಾ, ಸುವರ್ಣಮ್ಮ ಅವರನ್ನು ಸಂಸ್ಥೆಯ ಅಧ್ಯಕ್ಷ ನಂಜೇಗೌಡ ಸನ್ಮಾನಿಸಿದರು. ಲಯನ್ಸ್ ಸಂಸ್ಥೆಯ ವಿವಿಧ ಪದಾಧಿಕಾರಿಗಳು ಉಪಸ್ಥಿತರಿದ್ದರು.
ಕೋಲಾರದ ಜಿಲ್ಲಾ ರಕ್ಷಣಾಧಿಕಾರಿಗಳ ಕಚೇರಿಯಲ್ಲಿ ನಿಸ್ತಂತು ನೆಟ್‌ವರ್ಕ್ ವಿಭಾಗದಲ್ಲಿ ಸರ್ಕಲ್ ಇನ್ಸ್‌ಪೆಕ್ಟರ್ ಹುದ್ದೆಯಲ್ಲಿ ಕಾರ್ಯ ನಿರ್ವಹಿಸುತ್ತಿದ್ದು ಡಿವೈಎಸ್ಪಿ ಹುದ್ದೆಗೆ ಬಡ್ತಿ ಹೊಂದಿ ಬೆಂಗಳೂರು ಮಹಾನಗರ ಪೊಲೀಸ್ ಕಮೀಷನರ್ ಕಚೇರಿಗೆ ಸ್ಥಳ ನಿಯುಕ್ತಿ ಹೊಂದಿರುವ ಮುನಿರಾಜು ಇವರನ್ನು ಜಿಲ್ಲಾ ವಾಲ್ಮೀಕಿ ನಾಯಕ ಮಹಾಸಭಾ ಮುಖಂಡರು ಆತ್ಮೀಯವಾಗಿ ಅಭಿನಂದಿಸಿ ಶುಭ ಕೋರಿದರು. ಇದೇ ಸಂದರ್ಭದಲ್ಲಿ ಮಂಗಸಂದ್ರ ಹಾಲು ಉತ್ಪಾದಕರ ಸಹಕಾರ ಸಂಘದ ಅಧ್ಯಕ್ಷರಾಗಿ ಆಯ್ಕೆಯಾದ ತಿಮ್ಮಣ್ಣರನ್ನು ಅಭಿನಂದಿಸಿ ಶುಭ ಹಾರೈಸಿದರು.
